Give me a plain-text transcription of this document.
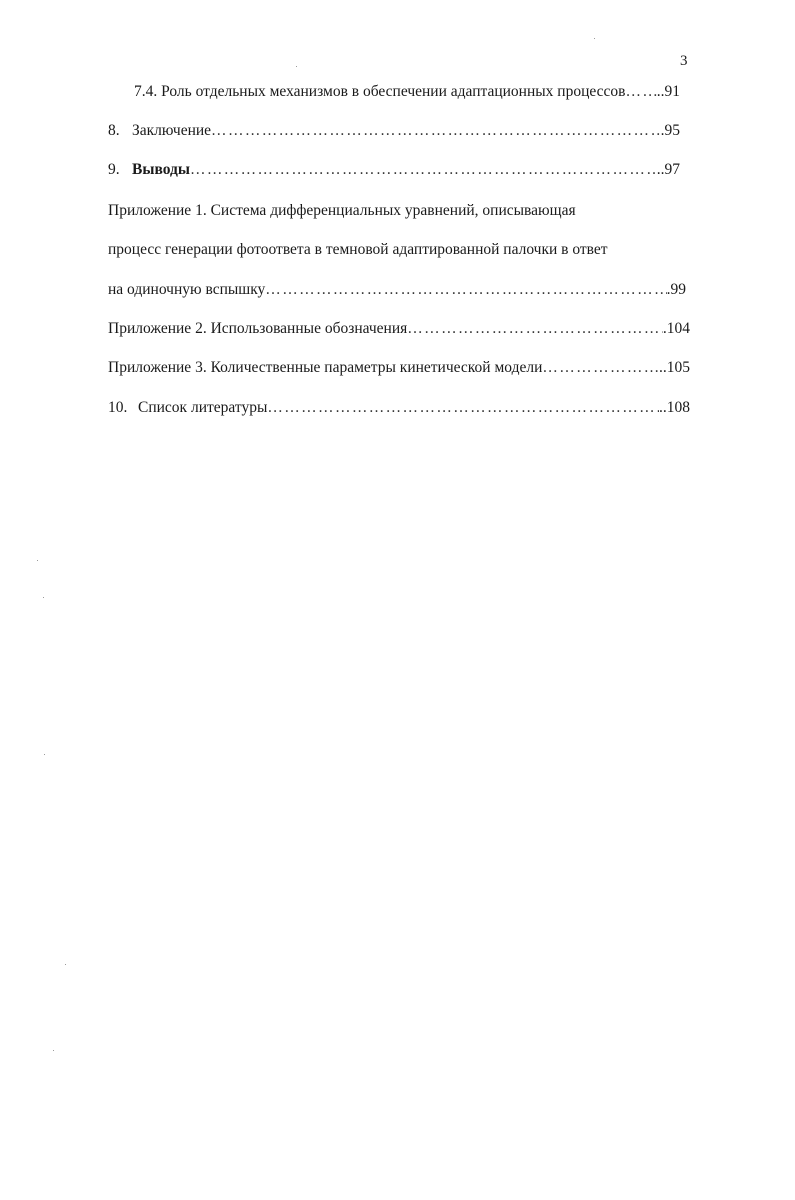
3
7.4. Роль отдельных механизмов в обеспечении адаптационных процессов …………………………………………………………………………………………………………………………………………………………………………………………………… ..91
8. Заключение ……………………………………………………………………………………………………………………………………………………………………………………………………	.95
9. Выводы ……………………………………………………………………………………………………………………………………………………………………………………………………	..97
Приложение 1. Система дифференциальных уравнений, описывающая
процесс генерации фотоответа в темновой адаптированной палочки в ответ
на одиночную вспышку ……………………………………………………………………………………………………………………………………………………………………………………………………	.99
Приложение 2. Использованные обозначения ……………………………………………………………………………………………………………………………………………………………………………………………………	.104
Приложение 3. Количественные параметры кинетической модели ……………………………………………………………………………………………………………………………………………………………………………………………………	..105
10. Список литературы ……………………………………………………………………………………………………………………………………………………………………………………………………	..108
